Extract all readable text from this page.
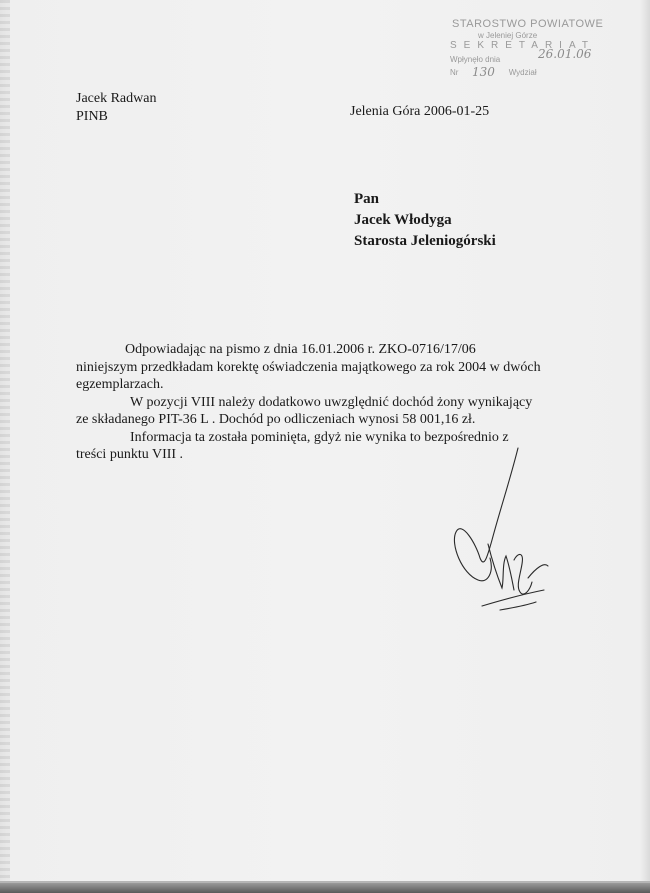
STAROSTWO POWIATOWE
w Jeleniej Górze
SEKRETARIAT
Wpłynęło dnia
Nr	Wydział
26.01.06
130
Jacek Radwan
PINB	Jelenia Góra 2006-01-25
Pan
Jacek Włodyga
Starosta Jeleniogórski

Odpowiadając na pismo z dnia 16.01.2006 r. ZKO-0716/17/06

niniejszym przedkładam korektę oświadczenia majątkowego za rok 2004 w dwóch egzemplarzach.

W pozycji VIII należy dodatkowo uwzględnić dochód żony wynikający

ze składanego PIT-36 L . Dochód po odliczeniach wynosi 58 001,16 zł.

Informacja ta została pominięta, gdyż nie wynika to bezpośrednio z

treści punktu VIII .
